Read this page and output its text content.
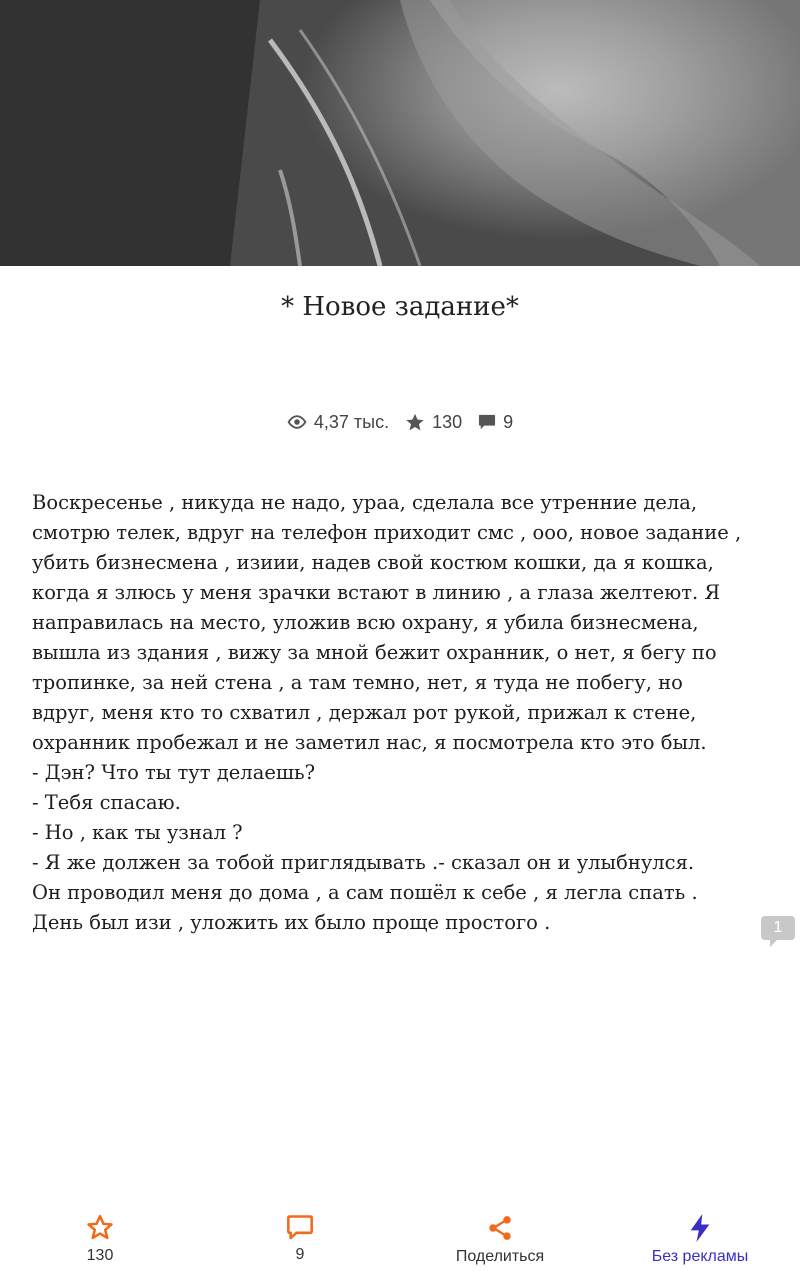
* Новое задание*
4,37 тыс. 130 9

Воскресенье , никуда не надо, ураа, сделала все утренние дела, смотрю телек, вдруг на телефон приходит смс , ооо, новое задание , убить бизнесмена , изиии, надев свой костюм кошки, да я кошка, когда я злюсь у меня зрачки встают в линию , а глаза желтеют. Я направилась на место, уложив всю охрану, я убила бизнесмена, вышла из здания , вижу за мной бежит охранник, о нет, я бегу по тропинке, за ней стена , а там темно, нет, я туда не побегу, но вдруг, меня кто то схватил , держал рот рукой, прижал к стене, охранник пробежал и не заметил нас, я посмотрела кто это был.

- Дэн? Что ты тут делаешь?

- Тебя спасаю.

- Но , как ты узнал ?

- Я же должен за тобой приглядывать .- сказал он и улыбнулся.

Он проводил меня до дома , а сам пошёл к себе , я легла спать .

День был изи , уложить их было проще простого .	1
130	9	Поделиться	Без рекламы
